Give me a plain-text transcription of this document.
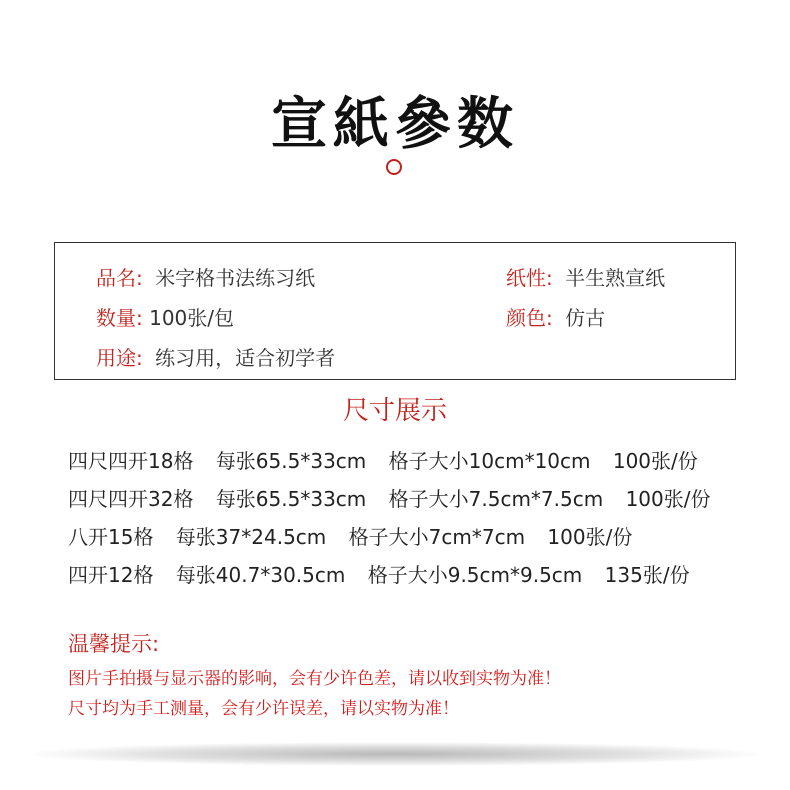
宣紙參数
品名: 米字格书法练习纸	纸性: 半生熟宣纸
数量: 100张/包	颜色: 仿古
用途: 练习用，适合初学者
尺寸展示
四尺四开18格 每张65.5*33cm 格子大小10cm*10cm 100张/份
四尺四开32格 每张65.5*33cm 格子大小7.5cm*7.5cm 100张/份
八开15格 每张37*24.5cm 格子大小7cm*7cm 100张/份
四开12格 每张40.7*30.5cm 格子大小9.5cm*9.5cm 135张/份
温馨提示:
图片手拍摄与显示器的影响，会有少许色差，请以收到实物为准！
尺寸均为手工测量，会有少许误差，请以实物为准！
